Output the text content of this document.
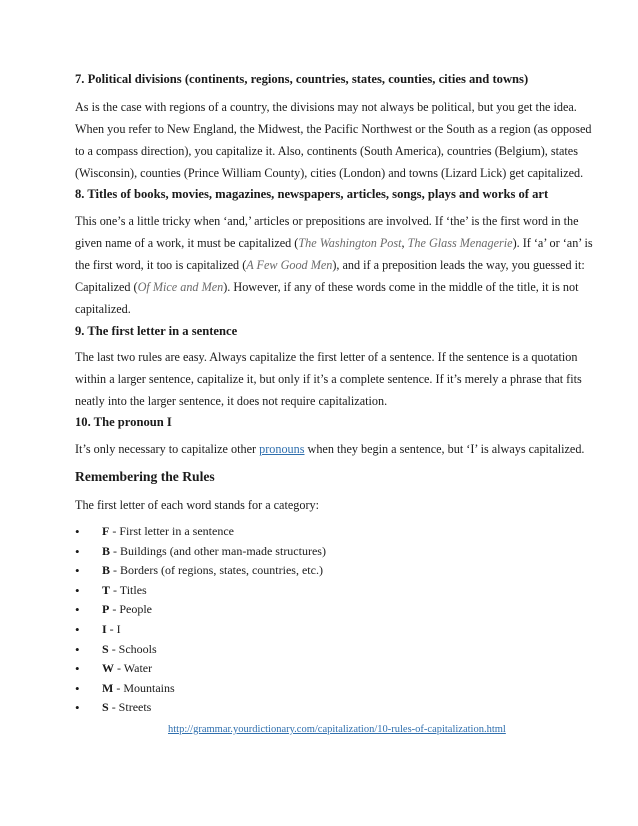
7. Political divisions (continents, regions, countries, states, counties, cities and towns)
As is the case with regions of a country, the divisions may not always be political, but you get the idea.
When you refer to New England, the Midwest, the Pacific Northwest or the South as a region (as opposed
to a compass direction), you capitalize it. Also, continents (South America), countries (Belgium), states
(Wisconsin), counties (Prince William County), cities (London) and towns (Lizard Lick) get capitalized.
8. Titles of books, movies, magazines, newspapers, articles, songs, plays and works of art
This one’s a little tricky when ‘and,’ articles or prepositions are involved. If ‘the’ is the first word in the
given name of a work, it must be capitalized (The Washington Post, The Glass Menagerie). If ‘a’ or ‘an’ is
the first word, it too is capitalized (A Few Good Men), and if a preposition leads the way, you guessed it:
Capitalized (Of Mice and Men). However, if any of these words come in the middle of the title, it is not
capitalized.
9. The first letter in a sentence
The last two rules are easy. Always capitalize the first letter of a sentence. If the sentence is a quotation
within a larger sentence, capitalize it, but only if it’s a complete sentence. If it’s merely a phrase that fits
neatly into the larger sentence, it does not require capitalization.
10. The pronoun I
It’s only necessary to capitalize other pronouns when they begin a sentence, but ‘I’ is always capitalized.
Remembering the Rules
The first letter of each word stands for a category:
• F - First letter in a sentence
• B - Buildings (and other man-made structures)
• B - Borders (of regions, states, countries, etc.)
• T - Titles
• P - People
• I - I
• S - Schools
• W - Water
• M - Mountains
• S - Streets
http://grammar.yourdictionary.com/capitalization/10-rules-of-capitalization.html
